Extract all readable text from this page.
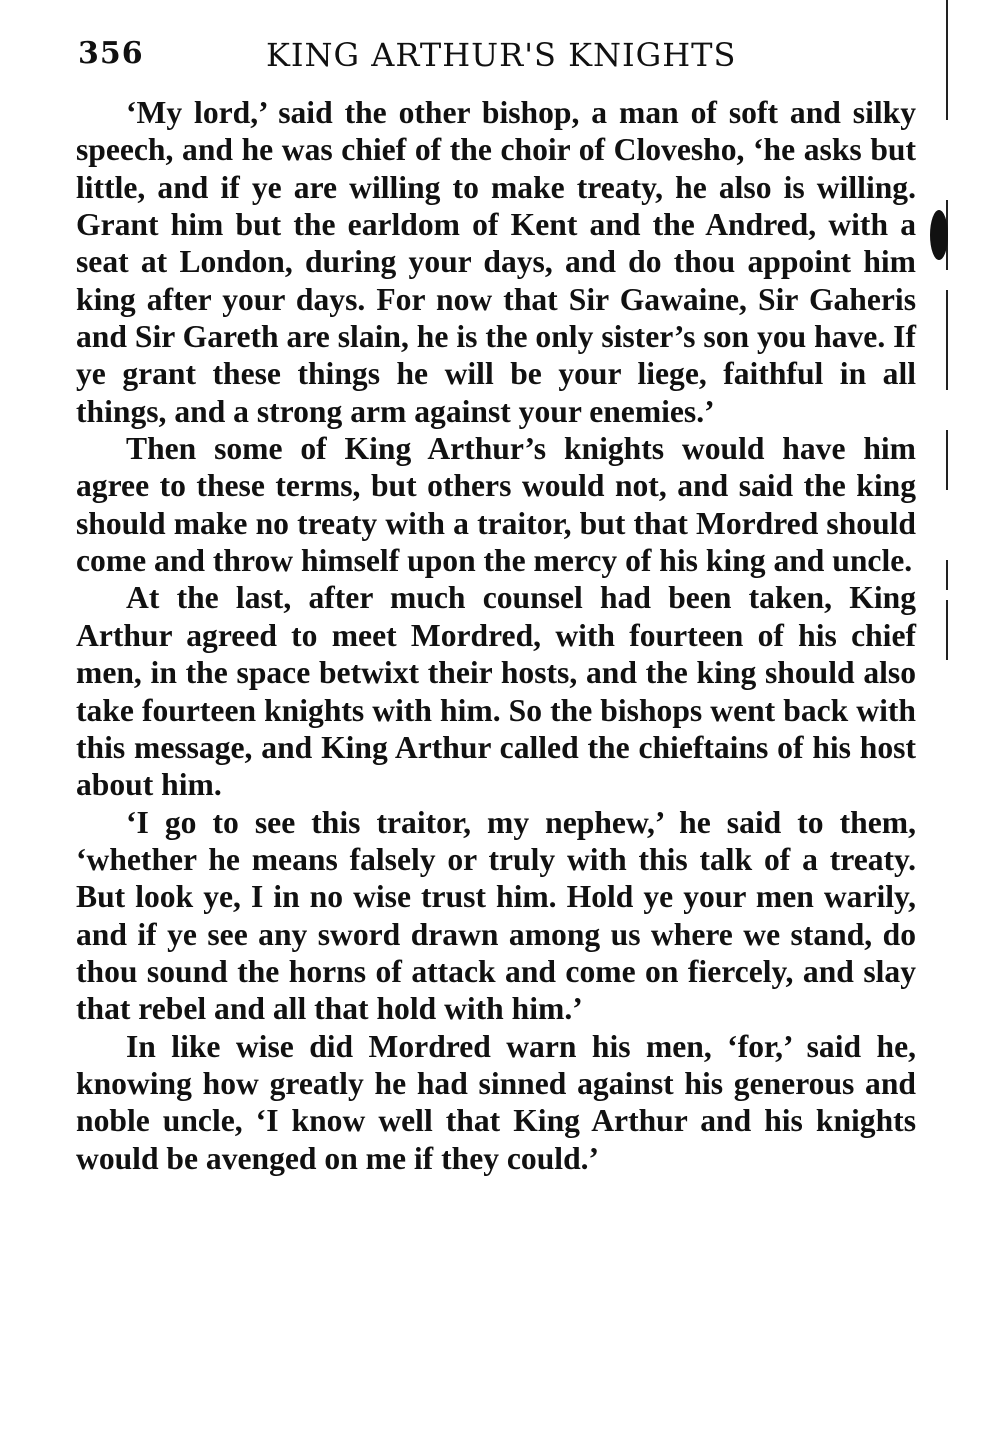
356	KING ARTHUR'S KNIGHTS

‘My lord,’ said the other bishop, a man of soft and silky speech, and he was chief of the choir of Clovesho, ‘he asks but little, and if ye are willing to make treaty, he also is willing. Grant him but the earldom of Kent and the Andred, with a seat at London, during your days, and do thou appoint him king after your days. For now that Sir Gawaine, Sir Gaheris and Sir Gareth are slain, he is the only sister’s son you have. If ye grant these things he will be your liege, faithful in all things, and a strong arm against your enemies.’

Then some of King Arthur’s knights would have him agree to these terms, but others would not, and said the king should make no treaty with a traitor, but that Mordred should come and throw himself upon the mercy of his king and uncle.

At the last, after much counsel had been taken, King Arthur agreed to meet Mordred, with fourteen of his chief men, in the space betwixt their hosts, and the king should also take fourteen knights with him. So the bishops went back with this message, and King Arthur called the chieftains of his host about him.

‘I go to see this traitor, my nephew,’ he said to them, ‘whether he means falsely or truly with this talk of a treaty. But look ye, I in no wise trust him. Hold ye your men warily, and if ye see any sword drawn among us where we stand, do thou sound the horns of attack and come on fiercely, and slay that rebel and all that hold with him.’

In like wise did Mordred warn his men, ‘for,’ said he, knowing how greatly he had sinned against his generous and noble uncle, ‘I know well that King Arthur and his knights would be avenged on me if they could.’
